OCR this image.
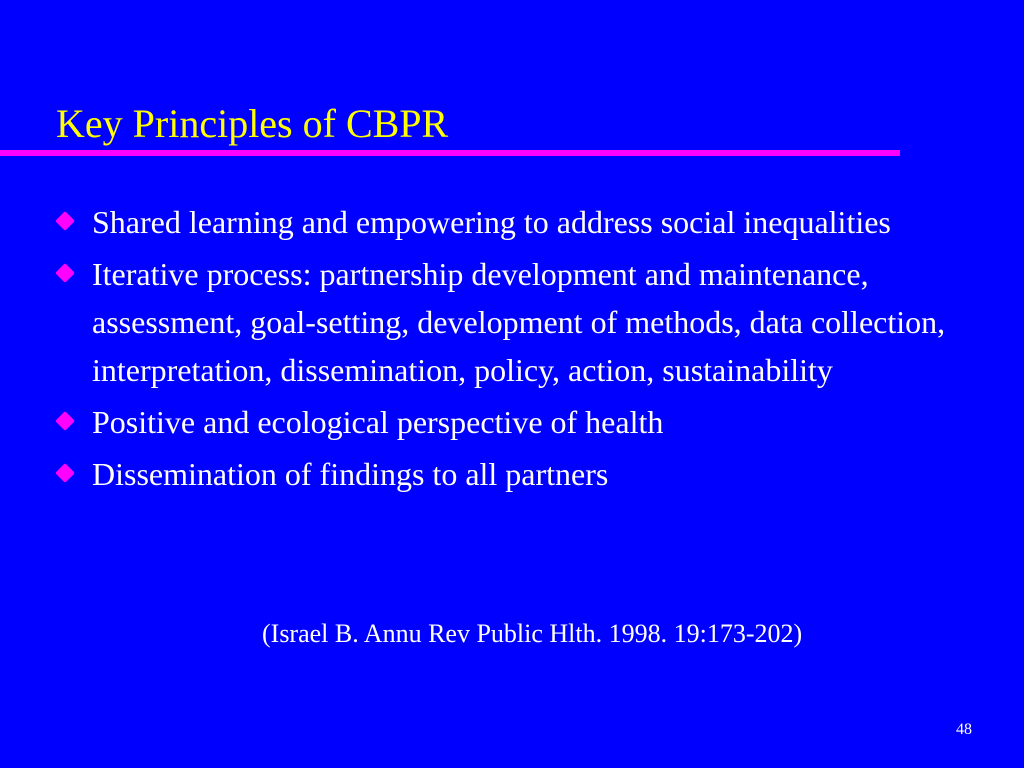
Key Principles of CBPR
Shared learning and empowering to address social inequalities
Iterative process: partnership development and maintenance, assessment, goal-setting, development of methods, data collection, interpretation, dissemination, policy, action, sustainability
Positive and ecological perspective of health
Dissemination of findings to all partners
(Israel B. Annu Rev Public Hlth. 1998. 19:173-202)
48
